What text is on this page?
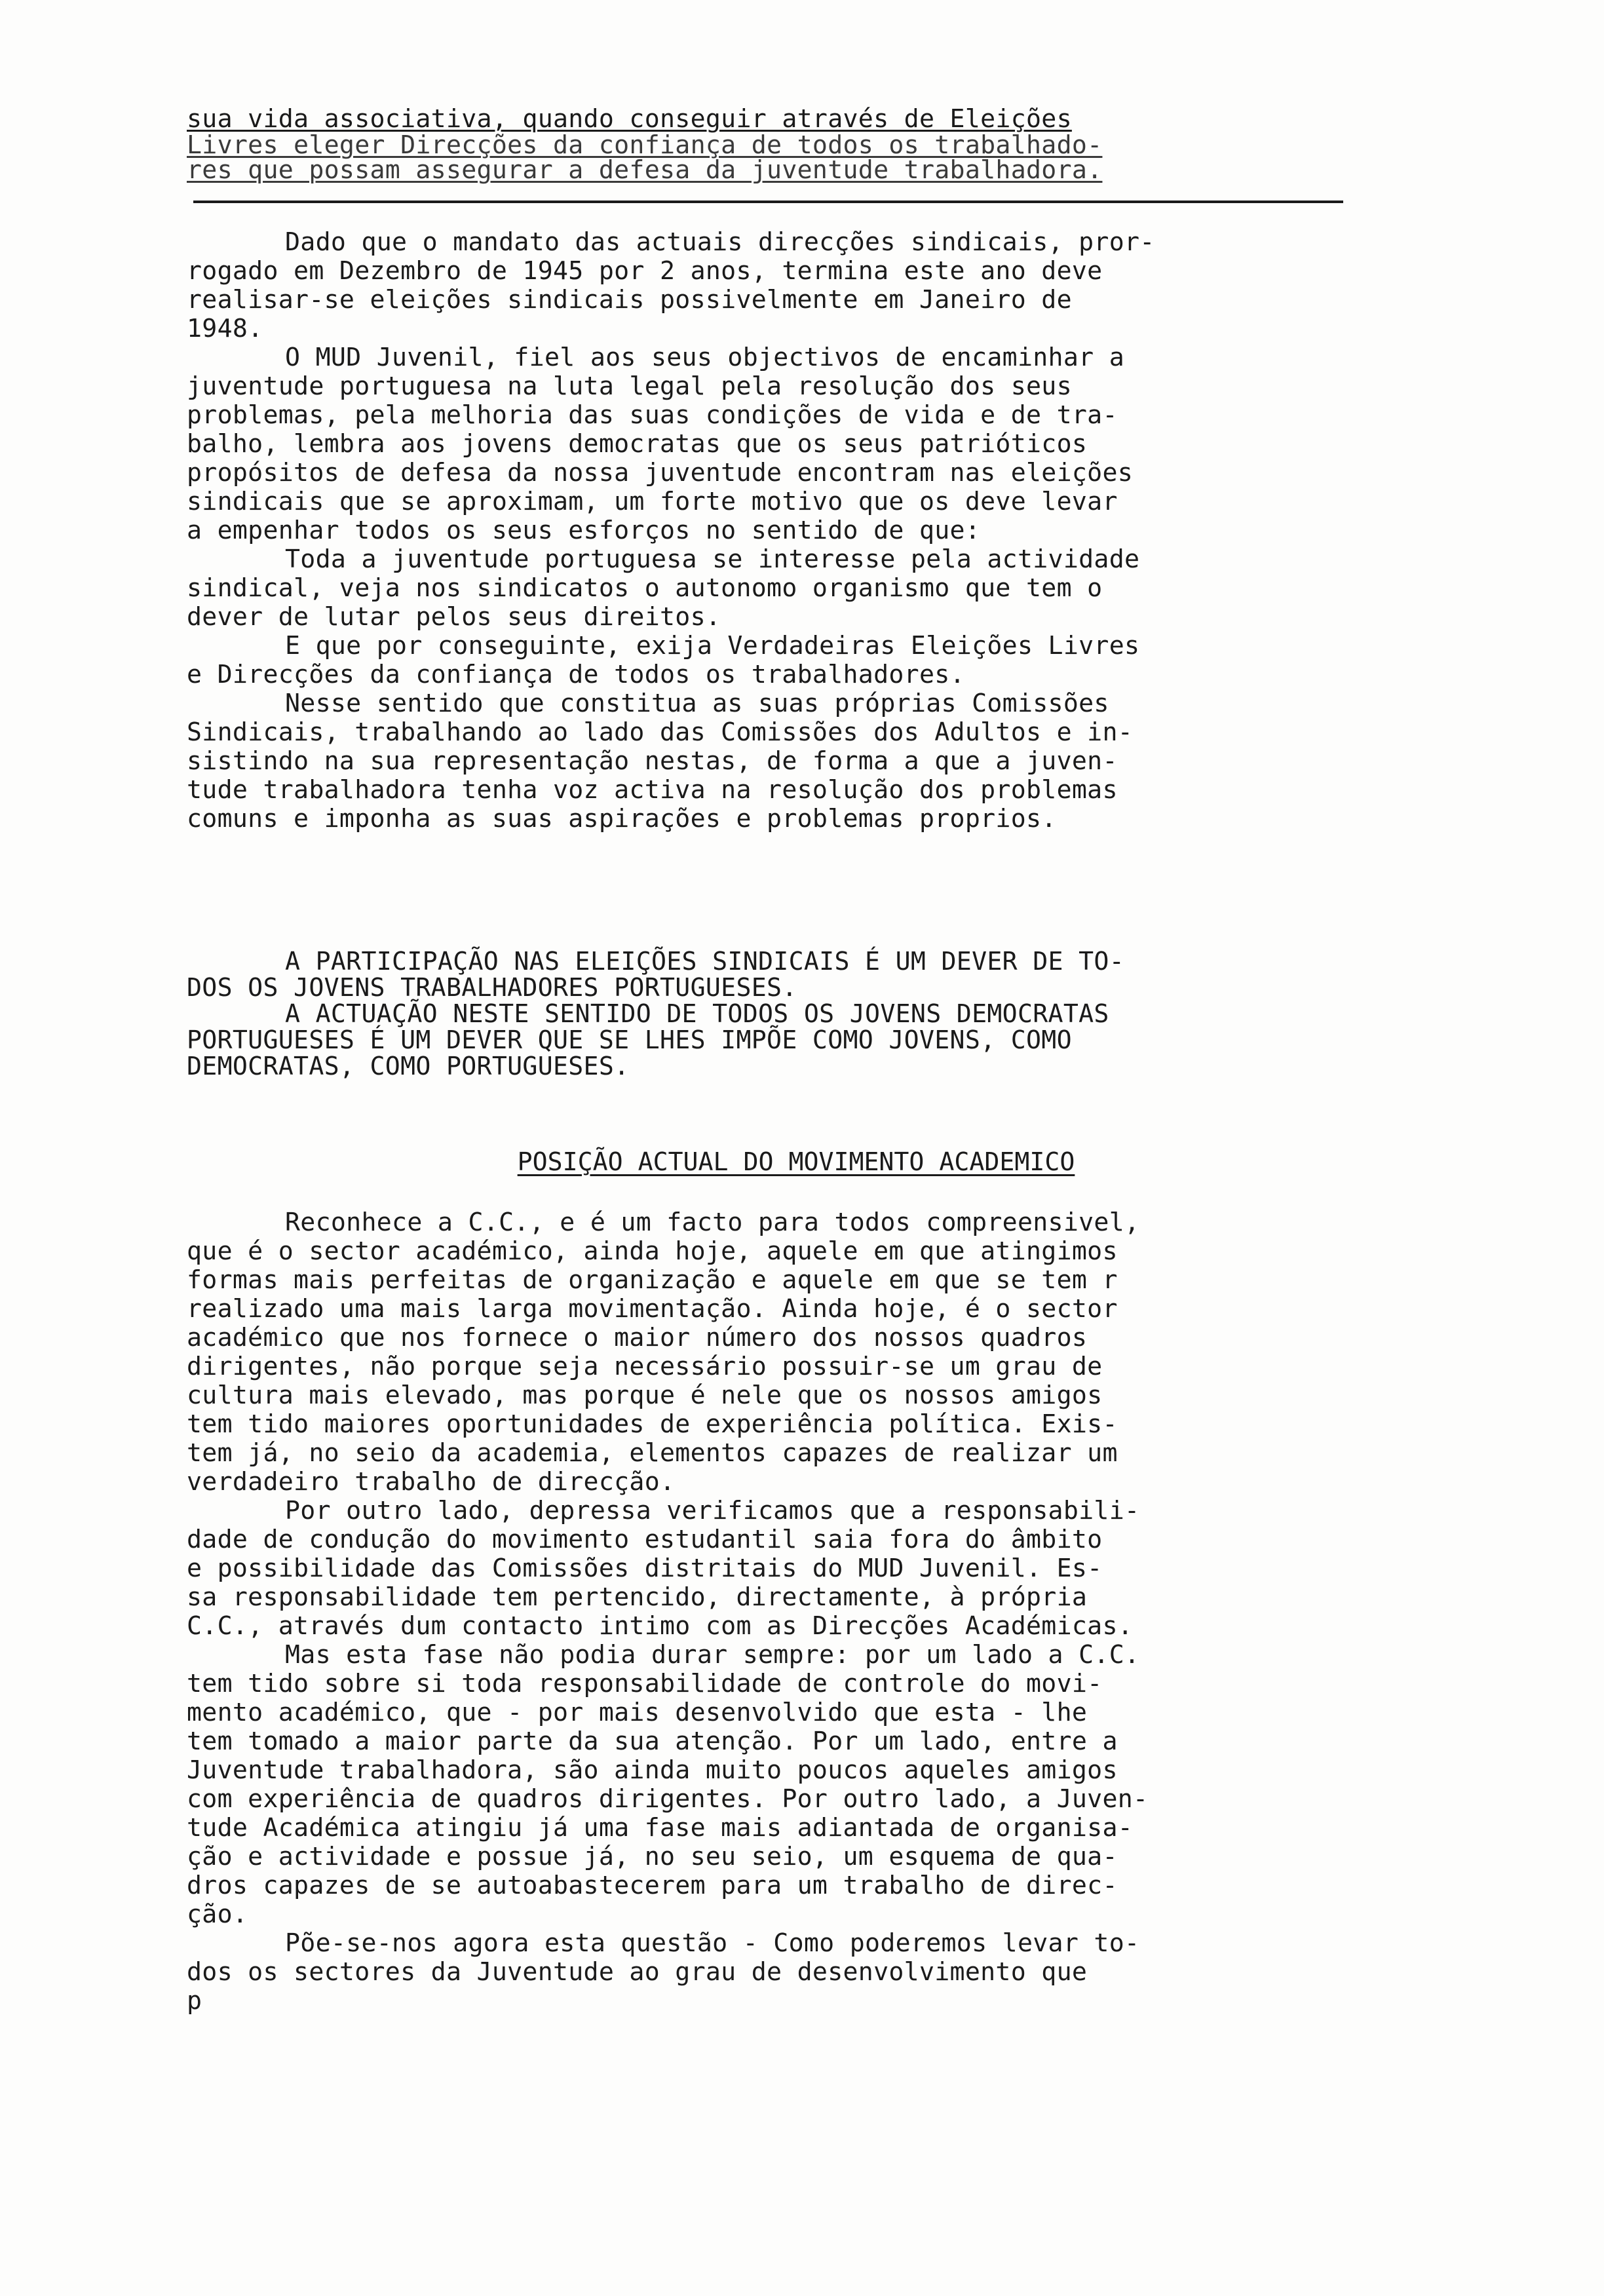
sua vida associativa, quando conseguir através de Eleições
Livres eleger Direcções da confiança de todos os trabalhado-
res que possam assegurar a defesa da juventude trabalhadora.
Dado que o mandato das actuais direcções sindicais, pror-
rogado em Dezembro de 1945 por 2 anos, termina este ano deve
realisar-se eleições sindicais possivelmente em Janeiro de
1948.
O MUD Juvenil, fiel aos seus objectivos de encaminhar a
juventude portuguesa na luta legal pela resolução dos seus
problemas, pela melhoria das suas condições de vida e de tra-
balho, lembra aos jovens democratas que os seus patrióticos
propósitos de defesa da nossa juventude encontram nas eleições
sindicais que se aproximam, um forte motivo que os deve levar
a empenhar todos os seus esforços no sentido de que:
Toda a juventude portuguesa se interesse pela actividade
sindical, veja nos sindicatos o autonomo organismo que tem o
dever de lutar pelos seus direitos.
E que por conseguinte, exija Verdadeiras Eleições Livres
e Direcções da confiança de todos os trabalhadores.
Nesse sentido que constitua as suas próprias Comissões
Sindicais, trabalhando ao lado das Comissões dos Adultos e in-
sistindo na sua representação nestas, de forma a que a juven-
tude trabalhadora tenha voz activa na resolução dos problemas
comuns e imponha as suas aspirações e problemas proprios.
A PARTICIPAÇÃO NAS ELEIÇÕES SINDICAIS É UM DEVER DE TO-
DOS OS JOVENS TRABALHADORES PORTUGUESES.
A ACTUAÇÃO NESTE SENTIDO DE TODOS OS JOVENS DEMOCRATAS
PORTUGUESES É UM DEVER QUE SE LHES IMPÕE COMO JOVENS, COMO
DEMOCRATAS, COMO PORTUGUESES.
POSIÇÃO ACTUAL DO MOVIMENTO ACADEMICO
Reconhece a C.C., e é um facto para todos compreensivel,
que é o sector académico, ainda hoje, aquele em que atingimos
formas mais perfeitas de organização e aquele em que se tem r
realizado uma mais larga movimentação. Ainda hoje, é o sector
académico que nos fornece o maior número dos nossos quadros
dirigentes, não porque seja necessário possuir-se um grau de
cultura mais elevado, mas porque é nele que os nossos amigos
tem tido maiores oportunidades de experiência política. Exis-
tem já, no seio da academia, elementos capazes de realizar um
verdadeiro trabalho de direcção.
Por outro lado, depressa verificamos que a responsabili-
dade de condução do movimento estudantil saia fora do âmbito
e possibilidade das Comissões distritais do MUD Juvenil. Es-
sa responsabilidade tem pertencido, directamente, à própria
C.C., através dum contacto intimo com as Direcções Académicas.
Mas esta fase não podia durar sempre: por um lado a C.C.
tem tido sobre si toda responsabilidade de controle do movi-
mento académico, que - por mais desenvolvido que esta - lhe
tem tomado a maior parte da sua atenção. Por um lado, entre a
Juventude trabalhadora, são ainda muito poucos aqueles amigos
com experiência de quadros dirigentes. Por outro lado, a Juven-
tude Académica atingiu já uma fase mais adiantada de organisa-
ção e actividade e possue já, no seu seio, um esquema de qua-
dros capazes de se autoabastecerem para um trabalho de direc-
ção.
Põe-se-nos agora esta questão - Como poderemos levar to-
dos os sectores da Juventude ao grau de desenvolvimento que
p
